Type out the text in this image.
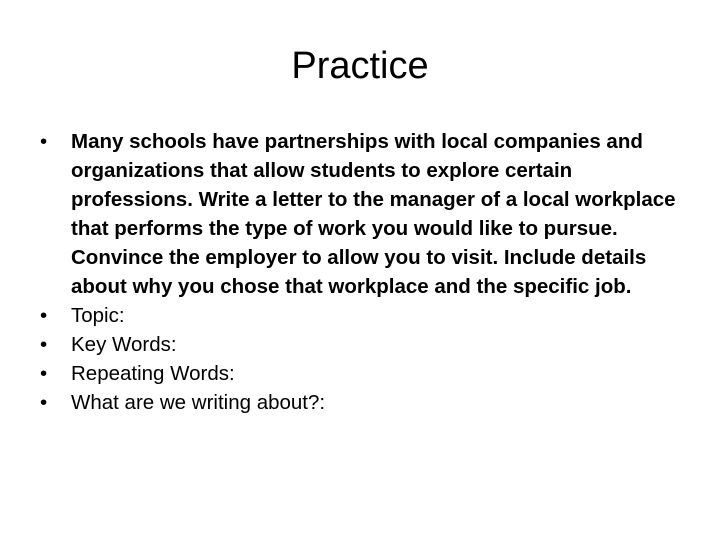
Practice
•	Many schools have partnerships with local companies and organizations that allow students to explore certain professions. Write a letter to the manager of a local workplace that performs the type of work you would like to pursue. Convince the employer to allow you to visit. Include details about why you chose that workplace and the specific job.
•	Topic:
•	Key Words:
•	Repeating Words:
•	What are we writing about?:
